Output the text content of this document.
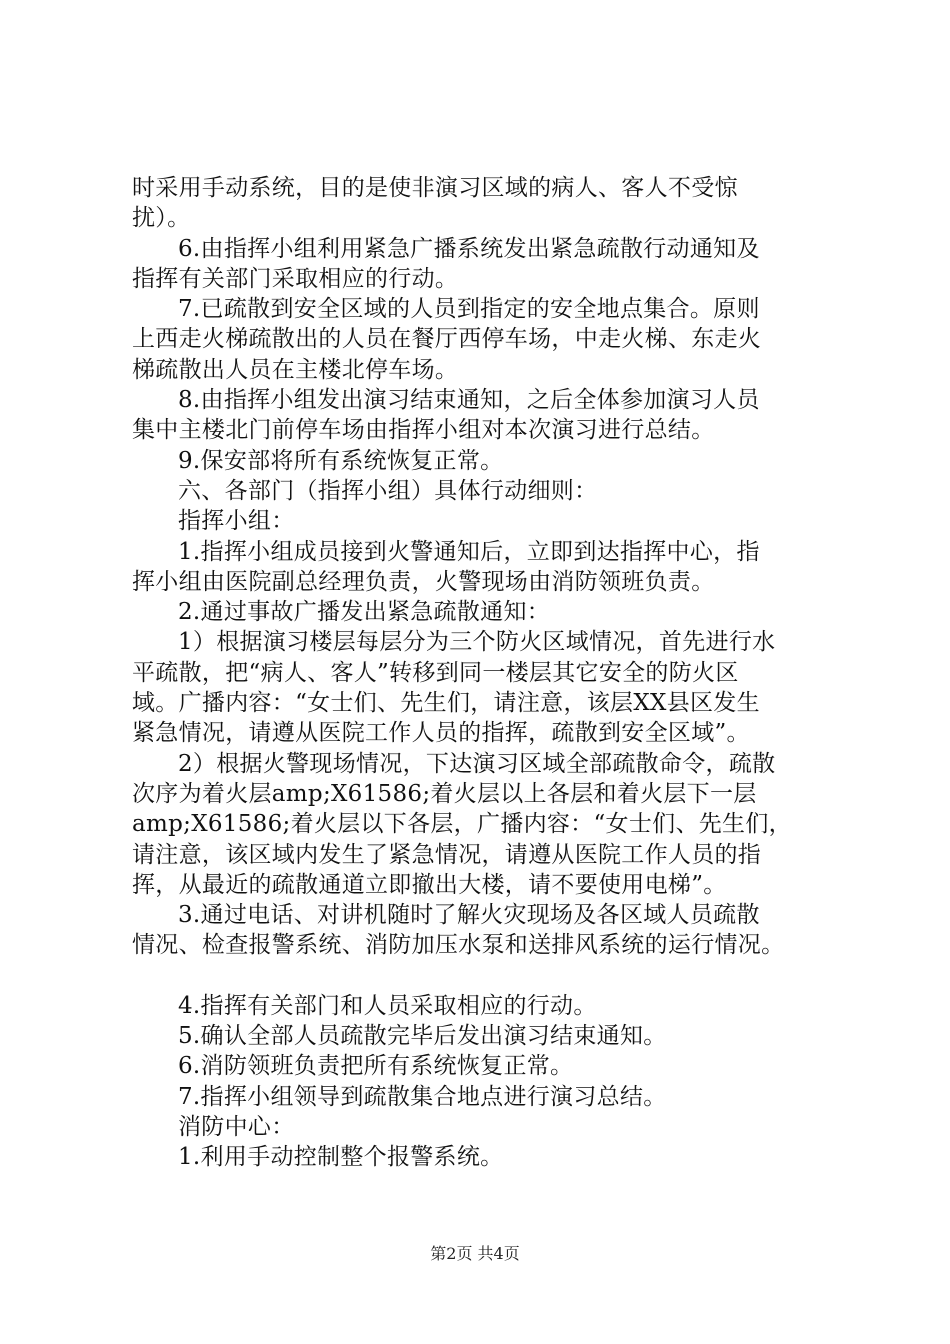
时采用手动系统，目的是使非演习区域的病人、客人不受惊
扰）。
6.由指挥小组利用紧急广播系统发出紧急疏散行动通知及
指挥有关部门采取相应的行动。
7.已疏散到安全区域的人员到指定的安全地点集合。原则
上西走火梯疏散出的人员在餐厅西停车场，中走火梯、东走火
梯疏散出人员在主楼北停车场。
8.由指挥小组发出演习结束通知，之后全体参加演习人员
集中主楼北门前停车场由指挥小组对本次演习进行总结。
9.保安部将所有系统恢复正常。
六、各部门（指挥小组）具体行动细则：
指挥小组：
1.指挥小组成员接到火警通知后，立即到达指挥中心，指
挥小组由医院副总经理负责，火警现场由消防领班负责。
2.通过事故广播发出紧急疏散通知：
1）根据演习楼层每层分为三个防火区域情况，首先进行水
平疏散，把“病人、客人”转移到同一楼层其它安全的防火区
域。广播内容：“女士们、先生们，请注意，该层XX县区发生
紧急情况，请遵从医院工作人员的指挥，疏散到安全区域”。
2）根据火警现场情况，下达演习区域全部疏散命令，疏散
次序为着火层amp;X61586;着火层以上各层和着火层下一层
amp;X61586;着火层以下各层，广播内容：“女士们、先生们，
请注意，该区域内发生了紧急情况，请遵从医院工作人员的指
挥，从最近的疏散通道立即撤出大楼，请不要使用电梯”。
3.通过电话、对讲机随时了解火灾现场及各区域人员疏散
情况、检查报警系统、消防加压水泵和送排风系统的运行情况。
4.指挥有关部门和人员采取相应的行动。
5.确认全部人员疏散完毕后发出演习结束通知。
6.消防领班负责把所有系统恢复正常。
7.指挥小组领导到疏散集合地点进行演习总结。
消防中心：
1.利用手动控制整个报警系统。
第2页 共4页
